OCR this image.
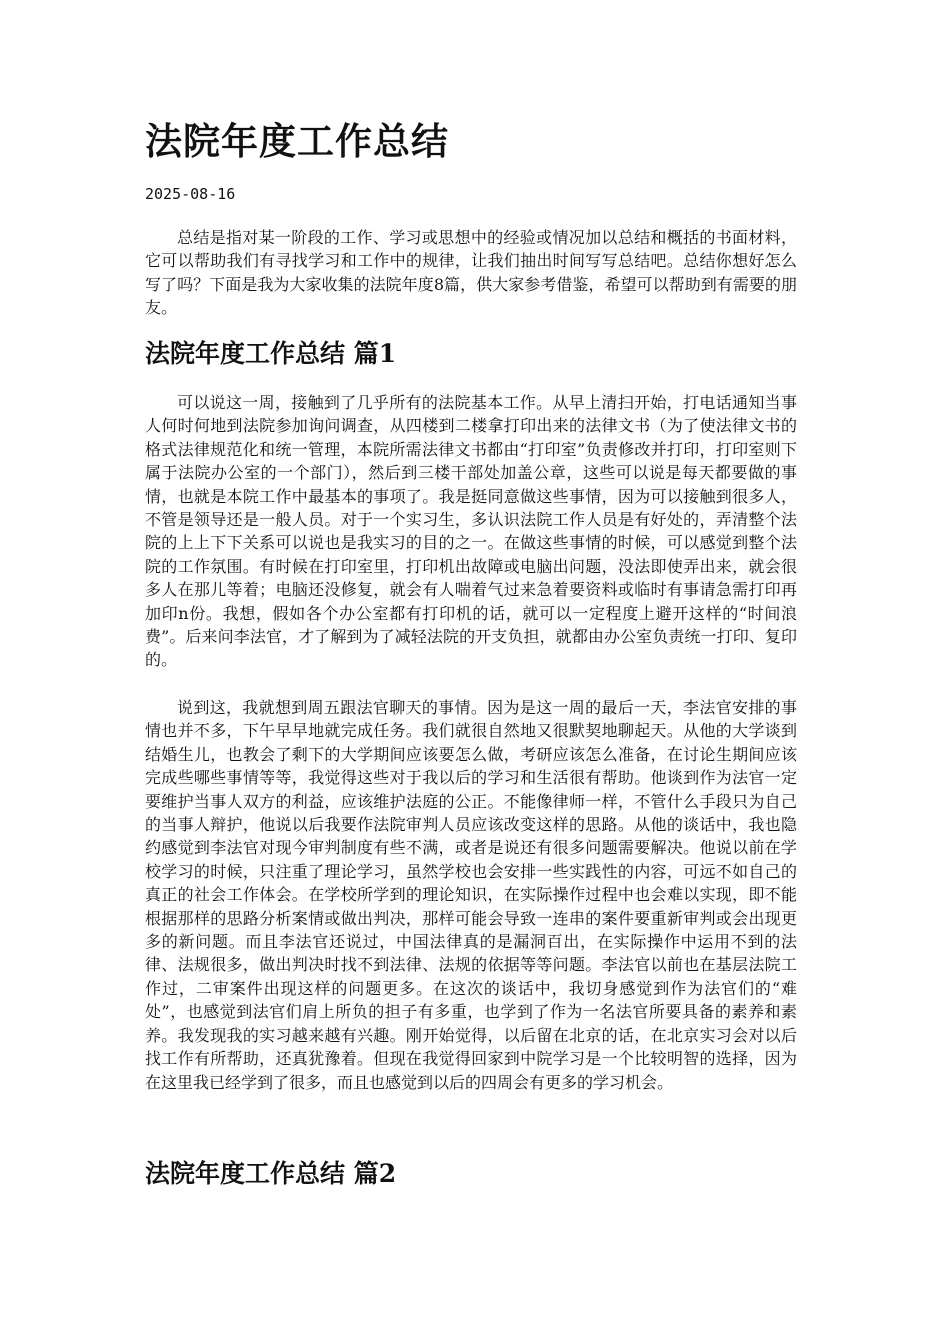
法院年度工作总结
2025-08-16

总结是指对某一阶段的工作、学习或思想中的经验或情况加以总结和概括的书面材料，它可以帮助我们有寻找学习和工作中的规律，让我们抽出时间写写总结吧。总结你想好怎么写了吗？下面是我为大家收集的法院年度8篇，供大家参考借鉴，希望可以帮助到有需要的朋友。

法院年度工作总结 篇1

可以说这一周，接触到了几乎所有的法院基本工作。从早上清扫开始，打电话通知当事人何时何地到法院参加询问调查，从四楼到二楼拿打印出来的法律文书（为了使法律文书的格式法律规范化和统一管理，本院所需法律文书都由“打印室”负责修改并打印，打印室则下属于法院办公室的一个部门），然后到三楼干部处加盖公章，这些可以说是每天都要做的事情，也就是本院工作中最基本的事项了。我是挺同意做这些事情，因为可以接触到很多人，不管是领导还是一般人员。对于一个实习生，多认识法院工作人员是有好处的，弄清整个法院的上上下下关系可以说也是我实习的目的之一。在做这些事情的时候，可以感觉到整个法院的工作氛围。有时候在打印室里，打印机出故障或电脑出问题，没法即使弄出来，就会很多人在那儿等着；电脑还没修复，就会有人喘着气过来急着要资料或临时有事请急需打印再加印n份。我想，假如各个办公室都有打印机的话，就可以一定程度上避开这样的“时间浪费”。后来问李法官，才了解到为了减轻法院的开支负担，就都由办公室负责统一打印、复印的。

说到这，我就想到周五跟法官聊天的事情。因为是这一周的最后一天，李法官安排的事情也并不多，下午早早地就完成任务。我们就很自然地又很默契地聊起天。从他的大学谈到结婚生儿，也教会了剩下的大学期间应该要怎么做，考研应该怎么准备，在讨论生期间应该完成些哪些事情等等，我觉得这些对于我以后的学习和生活很有帮助。他谈到作为法官一定要维护当事人双方的利益，应该维护法庭的公正。不能像律师一样，不管什么手段只为自己的当事人辩护，他说以后我要作法院审判人员应该改变这样的思路。从他的谈话中，我也隐约感觉到李法官对现今审判制度有些不满，或者是说还有很多问题需要解决。他说以前在学校学习的时候，只注重了理论学习，虽然学校也会安排一些实践性的内容，可远不如自己的真正的社会工作体会。在学校所学到的理论知识，在实际操作过程中也会难以实现，即不能根据那样的思路分析案情或做出判决，那样可能会导致一连串的案件要重新审判或会出现更多的新问题。而且李法官还说过，中国法律真的是漏洞百出，在实际操作中运用不到的法律、法规很多，做出判决时找不到法律、法规的依据等等问题。李法官以前也在基层法院工作过，二审案件出现这样的问题更多。在这次的谈话中，我切身感觉到作为法官们的“难处”，也感觉到法官们肩上所负的担子有多重，也学到了作为一名法官所要具备的素养和素养。我发现我的实习越来越有兴趣。刚开始觉得，以后留在北京的话，在北京实习会对以后找工作有所帮助，还真犹豫着。但现在我觉得回家到中院学习是一个比较明智的选择，因为在这里我已经学到了很多，而且也感觉到以后的四周会有更多的学习机会。

法院年度工作总结 篇2
